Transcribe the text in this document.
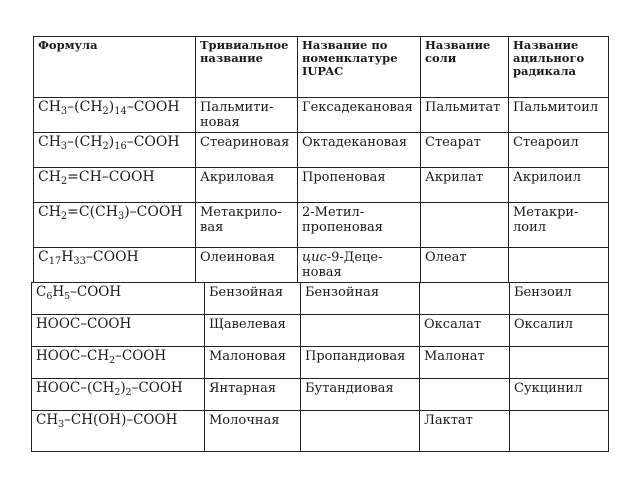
Формула	Тривиальное название	Название по номенклатуре IUPAC	Название соли	Название ацильного радикала
$CH_3-(CH_2)_{14}$–COOH	Пальмити-новая	Гексадекановая	Пальмитат	Пальмитоил
$CH_3-(CH_2)_{16}$–COOH	Стеариновая	Октадекановая	Стеарат	Стеароил
$CH_2=CH$–COOH	Акриловая	Пропеновая	Акрилат	Акрилоил
$CH_2=C(CH_3)$–COOH	Метакрило-вая	2-Метил-пропеновая		Метакри-лоил
$C_{17}H_{33}$–COOH	Олеиновая	цис-9-Деце-новая	Олеат	
$C_6H_5$–COOH	Бензойная	Бензойная		Бензоил
HOOC–COOH	Щавелевая		Оксалат	Оксалил
HOOC–$CH_2$–COOH	Малоновая	Пропандиовая	Малонат	
HOOC–$(CH_2)_2$–COOH	Янтарная	Бутандиовая		Сукцинил
$CH_3-CH(OH)$–COOH	Молочная		Лактат	
